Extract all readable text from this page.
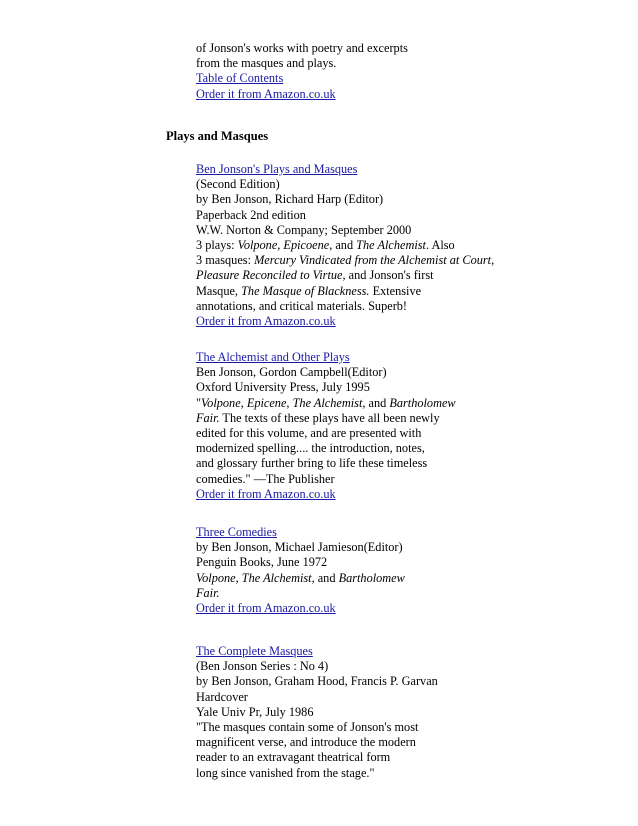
of Jonson's works with poetry and excerpts
from the masques and plays.
Table of Contents
Order it from Amazon.co.uk
Plays and Masques
Ben Jonson's Plays and Masques
(Second Edition)
by Ben Jonson, Richard Harp (Editor)
Paperback 2nd edition
W.W. Norton & Company; September 2000
3 plays: Volpone, Epicoene, and The Alchemist. Also
3 masques: Mercury Vindicated from the Alchemist at Court,
Pleasure Reconciled to Virtue, and Jonson's first
Masque, The Masque of Blackness. Extensive
annotations, and critical materials. Superb!
Order it from Amazon.co.uk
The Alchemist and Other Plays
Ben Jonson, Gordon Campbell(Editor)
Oxford University Press, July 1995
"Volpone, Epicene, The Alchemist, and Bartholomew
Fair. The texts of these plays have all been newly
edited for this volume, and are presented with
modernized spelling.... the introduction, notes,
and glossary further bring to life these timeless
comedies." —The Publisher
Order it from Amazon.co.uk
Three Comedies
by Ben Jonson, Michael Jamieson(Editor)
Penguin Books, June 1972
Volpone, The Alchemist, and Bartholomew
Fair.
Order it from Amazon.co.uk
The Complete Masques
(Ben Jonson Series : No 4)
by Ben Jonson, Graham Hood, Francis P. Garvan
Hardcover
Yale Univ Pr, July 1986
"The masques contain some of Jonson's most
magnificent verse, and introduce the modern
reader to an extravagant theatrical form
long since vanished from the stage."
